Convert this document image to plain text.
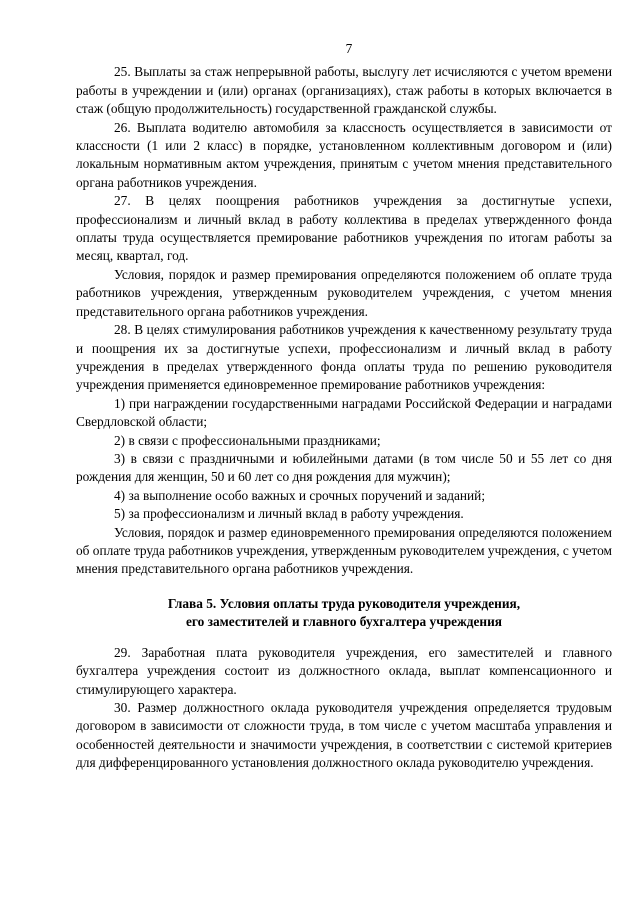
7

25. Выплаты за стаж непрерывной работы, выслугу лет исчисляются с учетом времени работы в учреждении и (или) органах (организациях), стаж работы в которых включается в стаж (общую продолжительность) государственной гражданской службы.

26. Выплата водителю автомобиля за классность осуществляется в зависимости от классности (1 или 2 класс) в порядке, установленном коллективным договором и (или) локальным нормативным актом учреждения, принятым с учетом мнения представительного органа работников учреждения.

27. В целях поощрения работников учреждения за достигнутые успехи, профессионализм и личный вклад в работу коллектива в пределах утвержденного фонда оплаты труда осуществляется премирование работников учреждения по итогам работы за месяц, квартал, год.

Условия, порядок и размер премирования определяются положением об оплате труда работников учреждения, утвержденным руководителем учреждения, с учетом мнения представительного органа работников учреждения.

28. В целях стимулирования работников учреждения к качественному результату труда и поощрения их за достигнутые успехи, профессионализм и личный вклад в работу учреждения в пределах утвержденного фонда оплаты труда по решению руководителя учреждения применяется единовременное премирование работников учреждения:

1) при награждении государственными наградами Российской Федерации и наградами Свердловской области;

2) в связи с профессиональными праздниками;

3) в связи с праздничными и юбилейными датами (в том числе 50 и 55 лет со дня рождения для женщин, 50 и 60 лет со дня рождения для мужчин);

4) за выполнение особо важных и срочных поручений и заданий;

5) за профессионализм и личный вклад в работу учреждения.

Условия, порядок и размер единовременного премирования определяются положением об оплате труда работников учреждения, утвержденным руководителем учреждения, с учетом мнения представительного органа работников учреждения.

Глава 5. Условия оплаты труда руководителя учреждения,
его заместителей и главного бухгалтера учреждения

29. Заработная плата руководителя учреждения, его заместителей и главного бухгалтера учреждения состоит из должностного оклада, выплат компенсационного и стимулирующего характера.

30. Размер должностного оклада руководителя учреждения определяется трудовым договором в зависимости от сложности труда, в том числе с учетом масштаба управления и особенностей деятельности и значимости учреждения, в соответствии с системой критериев для дифференцированного установления должностного оклада руководителю учреждения.
